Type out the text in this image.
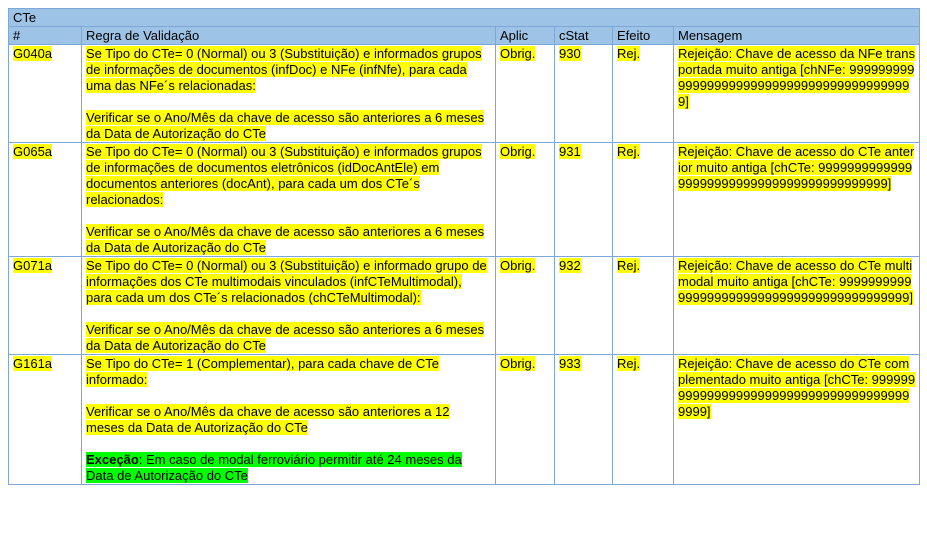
CTe					
#	Regra de Validação	Aplic	cStat	Efeito	Mensagem
G040a	Se Tipo do CTe= 0 (Normal) ou 3 (Substituição) e informados grupos de informações de documentos (infDoc) e NFe (infNfe), para cada uma das NFe´s relacionadas:
Verificar se o Ano/Mês da chave de acesso são anteriores a 6 meses da Data de Autorização do CTe	Obrig.	930	Rej.	Rejeição: Chave de acesso da NFe transportada muito antiga [chNFe: 999999999999999999999999999999999999999999]
G065a	Se Tipo do CTe= 0 (Normal) ou 3 (Substituição) e informados grupos de informações de documentos eletrônicos (idDocAntEle) em documentos anteriores (docAnt), para cada um dos CTe´s relacionados:
Verificar se o Ano/Mês da chave de acesso são anteriores a 6 meses da Data de Autorização do CTe	Obrig.	931	Rej.	Rejeição: Chave de acesso do CTe anterior muito antiga [chCTe: 999999999999999999999999999999999999999999]
G071a	Se Tipo do CTe= 0 (Normal) ou 3 (Substituição) e informado grupo de informações dos CTe multimodais vinculados (infCTeMultimodal), para cada um dos CTe´s relacionados (chCTeMultimodal):
Verificar se o Ano/Mês da chave de acesso são anteriores a 6 meses da Data de Autorização do CTe	Obrig.	932	Rej.	Rejeição: Chave de acesso do CTe multimodal muito antiga [chCTe: 999999999999999999999999999999999999999999]
G161a	Se Tipo do CTe= 1 (Complementar), para cada chave de CTe informado:
Verificar se o Ano/Mês da chave de acesso são anteriores a 12 meses da Data de Autorização do CTe
Exceção: Em caso de modal ferroviário permitir até 24 meses da Data de Autorização do CTe	Obrig.	933	Rej.	Rejeição: Chave de acesso do CTe complementado muito antiga [chCTe: 999999999999999999999999999999999999999999]
